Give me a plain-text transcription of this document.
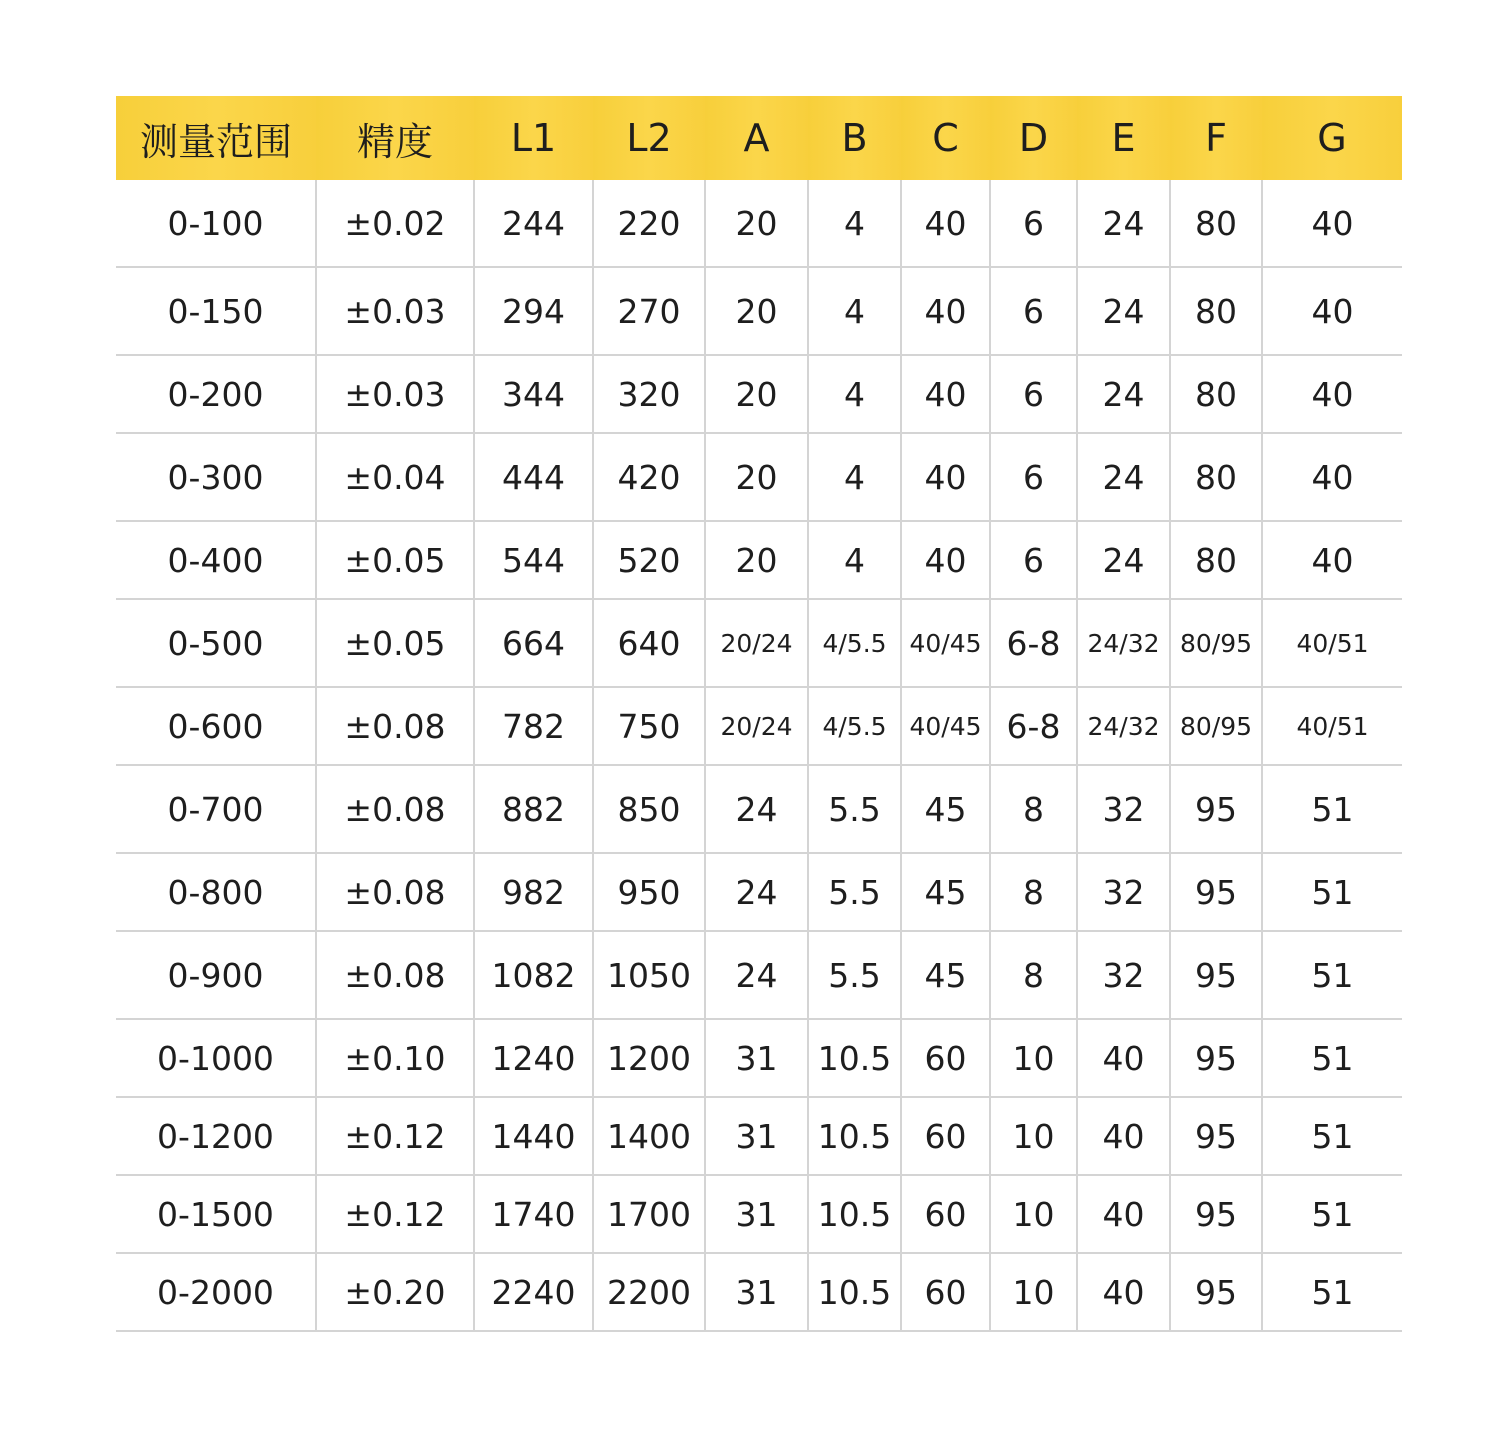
测量范围	精度	L1	L2	A	B	C	D	E	F	G
0-100	±0.02	244	220	20	4	40	6	24	80	40
0-150	±0.03	294	270	20	4	40	6	24	80	40
0-200	±0.03	344	320	20	4	40	6	24	80	40
0-300	±0.04	444	420	20	4	40	6	24	80	40
0-400	±0.05	544	520	20	4	40	6	24	80	40
0-500	±0.05	664	640	20/24	4/5.5	40/45	6-8	24/32	80/95	40/51
0-600	±0.08	782	750	20/24	4/5.5	40/45	6-8	24/32	80/95	40/51
0-700	±0.08	882	850	24	5.5	45	8	32	95	51
0-800	±0.08	982	950	24	5.5	45	8	32	95	51
0-900	±0.08	1082	1050	24	5.5	45	8	32	95	51
0-1000	±0.10	1240	1200	31	10.5	60	10	40	95	51
0-1200	±0.12	1440	1400	31	10.5	60	10	40	95	51
0-1500	±0.12	1740	1700	31	10.5	60	10	40	95	51
0-2000	±0.20	2240	2200	31	10.5	60	10	40	95	51
